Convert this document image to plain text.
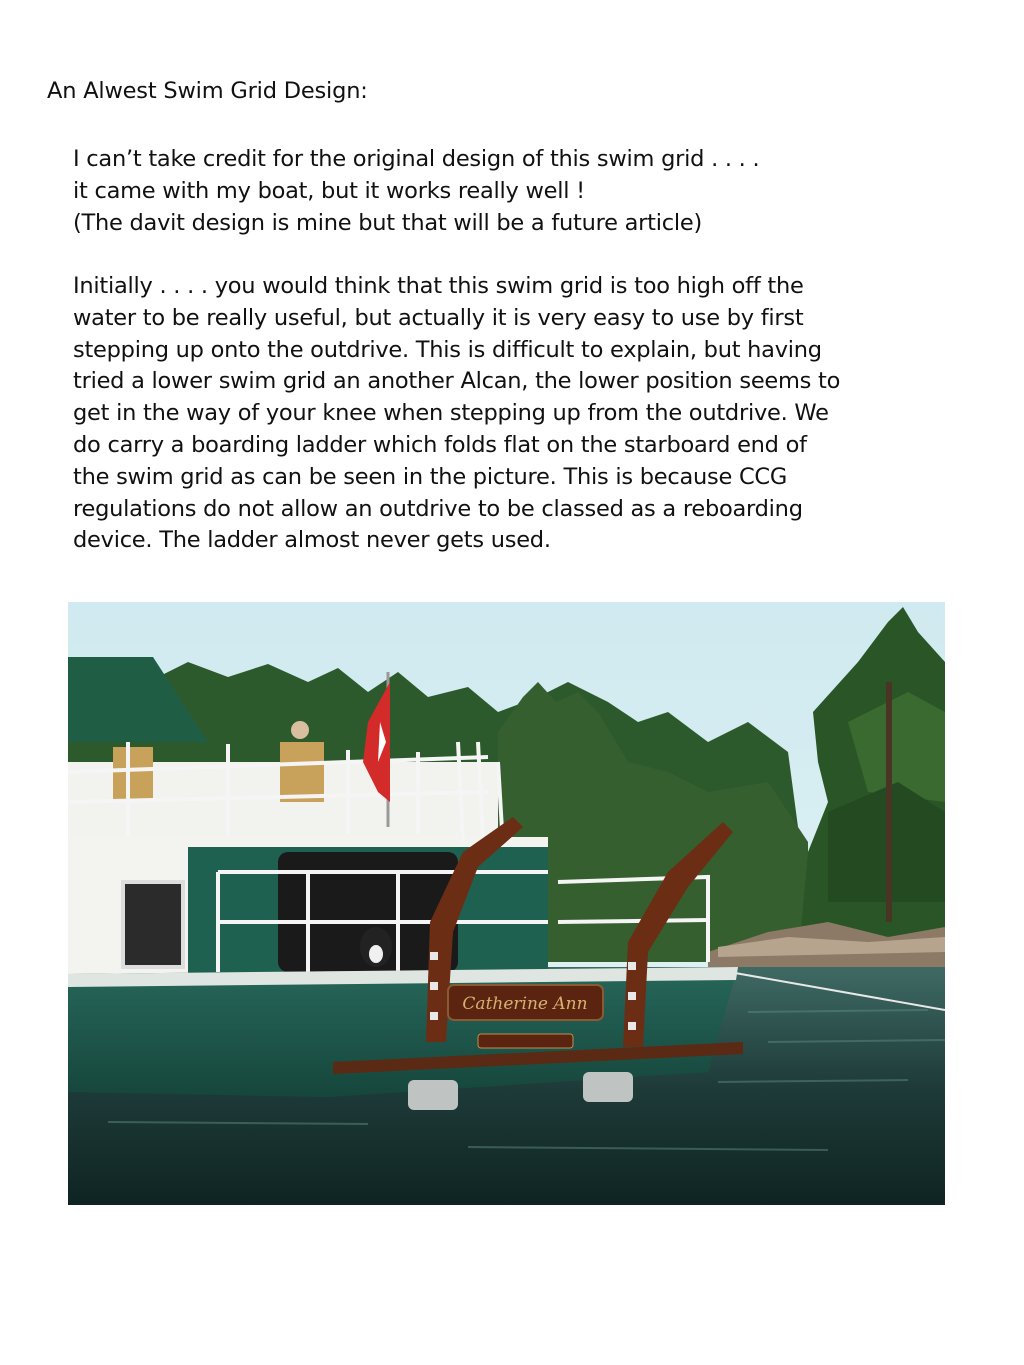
An Alwest Swim Grid Design:
I can’t take credit for the original design of this swim grid . . . .
it came with my boat, but it works really well !
(The davit design is mine but that will be a future article)
Initially . . . . you would think that this swim grid is too high off the
water to be really useful, but actually it is very easy to use by first
stepping up onto the outdrive. This is difficult to explain, but having
tried a lower swim grid an another Alcan, the lower position seems to
get in the way of your knee when stepping up from the outdrive. We
do carry a boarding ladder which folds flat on the starboard end of
the swim grid as can be seen in the picture. This is because CCG
regulations do not allow an outdrive to be classed as a reboarding
device. The ladder almost never gets used.
Catherine Ann
